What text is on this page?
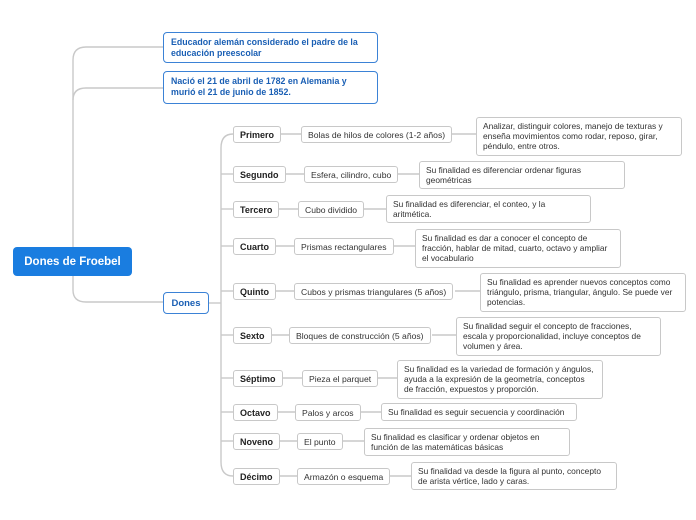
Dones de Froebel
Educador alemán considerado el padre de la educación preescolar
Nació el 21 de abril de 1782 en Alemania y murió el 21 de junio de 1852.
Dones
Primero
Segundo
Tercero
Cuarto
Quinto
Sexto
Séptimo
Octavo
Noveno
Décimo
Bolas de hilos de colores (1-2 años)
Esfera, cilindro, cubo
Cubo dividido
Prismas rectangulares
Cubos y prismas triangulares (5 años)
Bloques de construcción (5 años)
Pieza el parquet
Palos y arcos
El punto
Armazón o esquema
Analizar, distinguir colores, manejo de texturas y enseña movimientos como rodar, reposo, girar, péndulo, entre otros.
Su finalidad es diferenciar ordenar figuras geométricas
Su finalidad es diferenciar, el conteo, y la aritmética.
Su finalidad es dar a conocer el concepto de fracción, hablar de mitad, cuarto, octavo y ampliar el vocabulario
Su finalidad es aprender nuevos conceptos como triángulo, prisma, triangular, ángulo. Se puede ver potencias.
Su finalidad seguir el concepto de fracciones, escala y proporcionalidad, incluye conceptos de volumen y área.
Su finalidad es la variedad de formación y ángulos, ayuda a la expresión de la geometría, conceptos de fracción, expuestos y proporción.
Su finalidad es seguir secuencia y coordinación
Su finalidad es clasificar y ordenar objetos en función de las matemáticas básicas
Su finalidad va desde la figura al punto, concepto de arista vértice, lado y caras.
